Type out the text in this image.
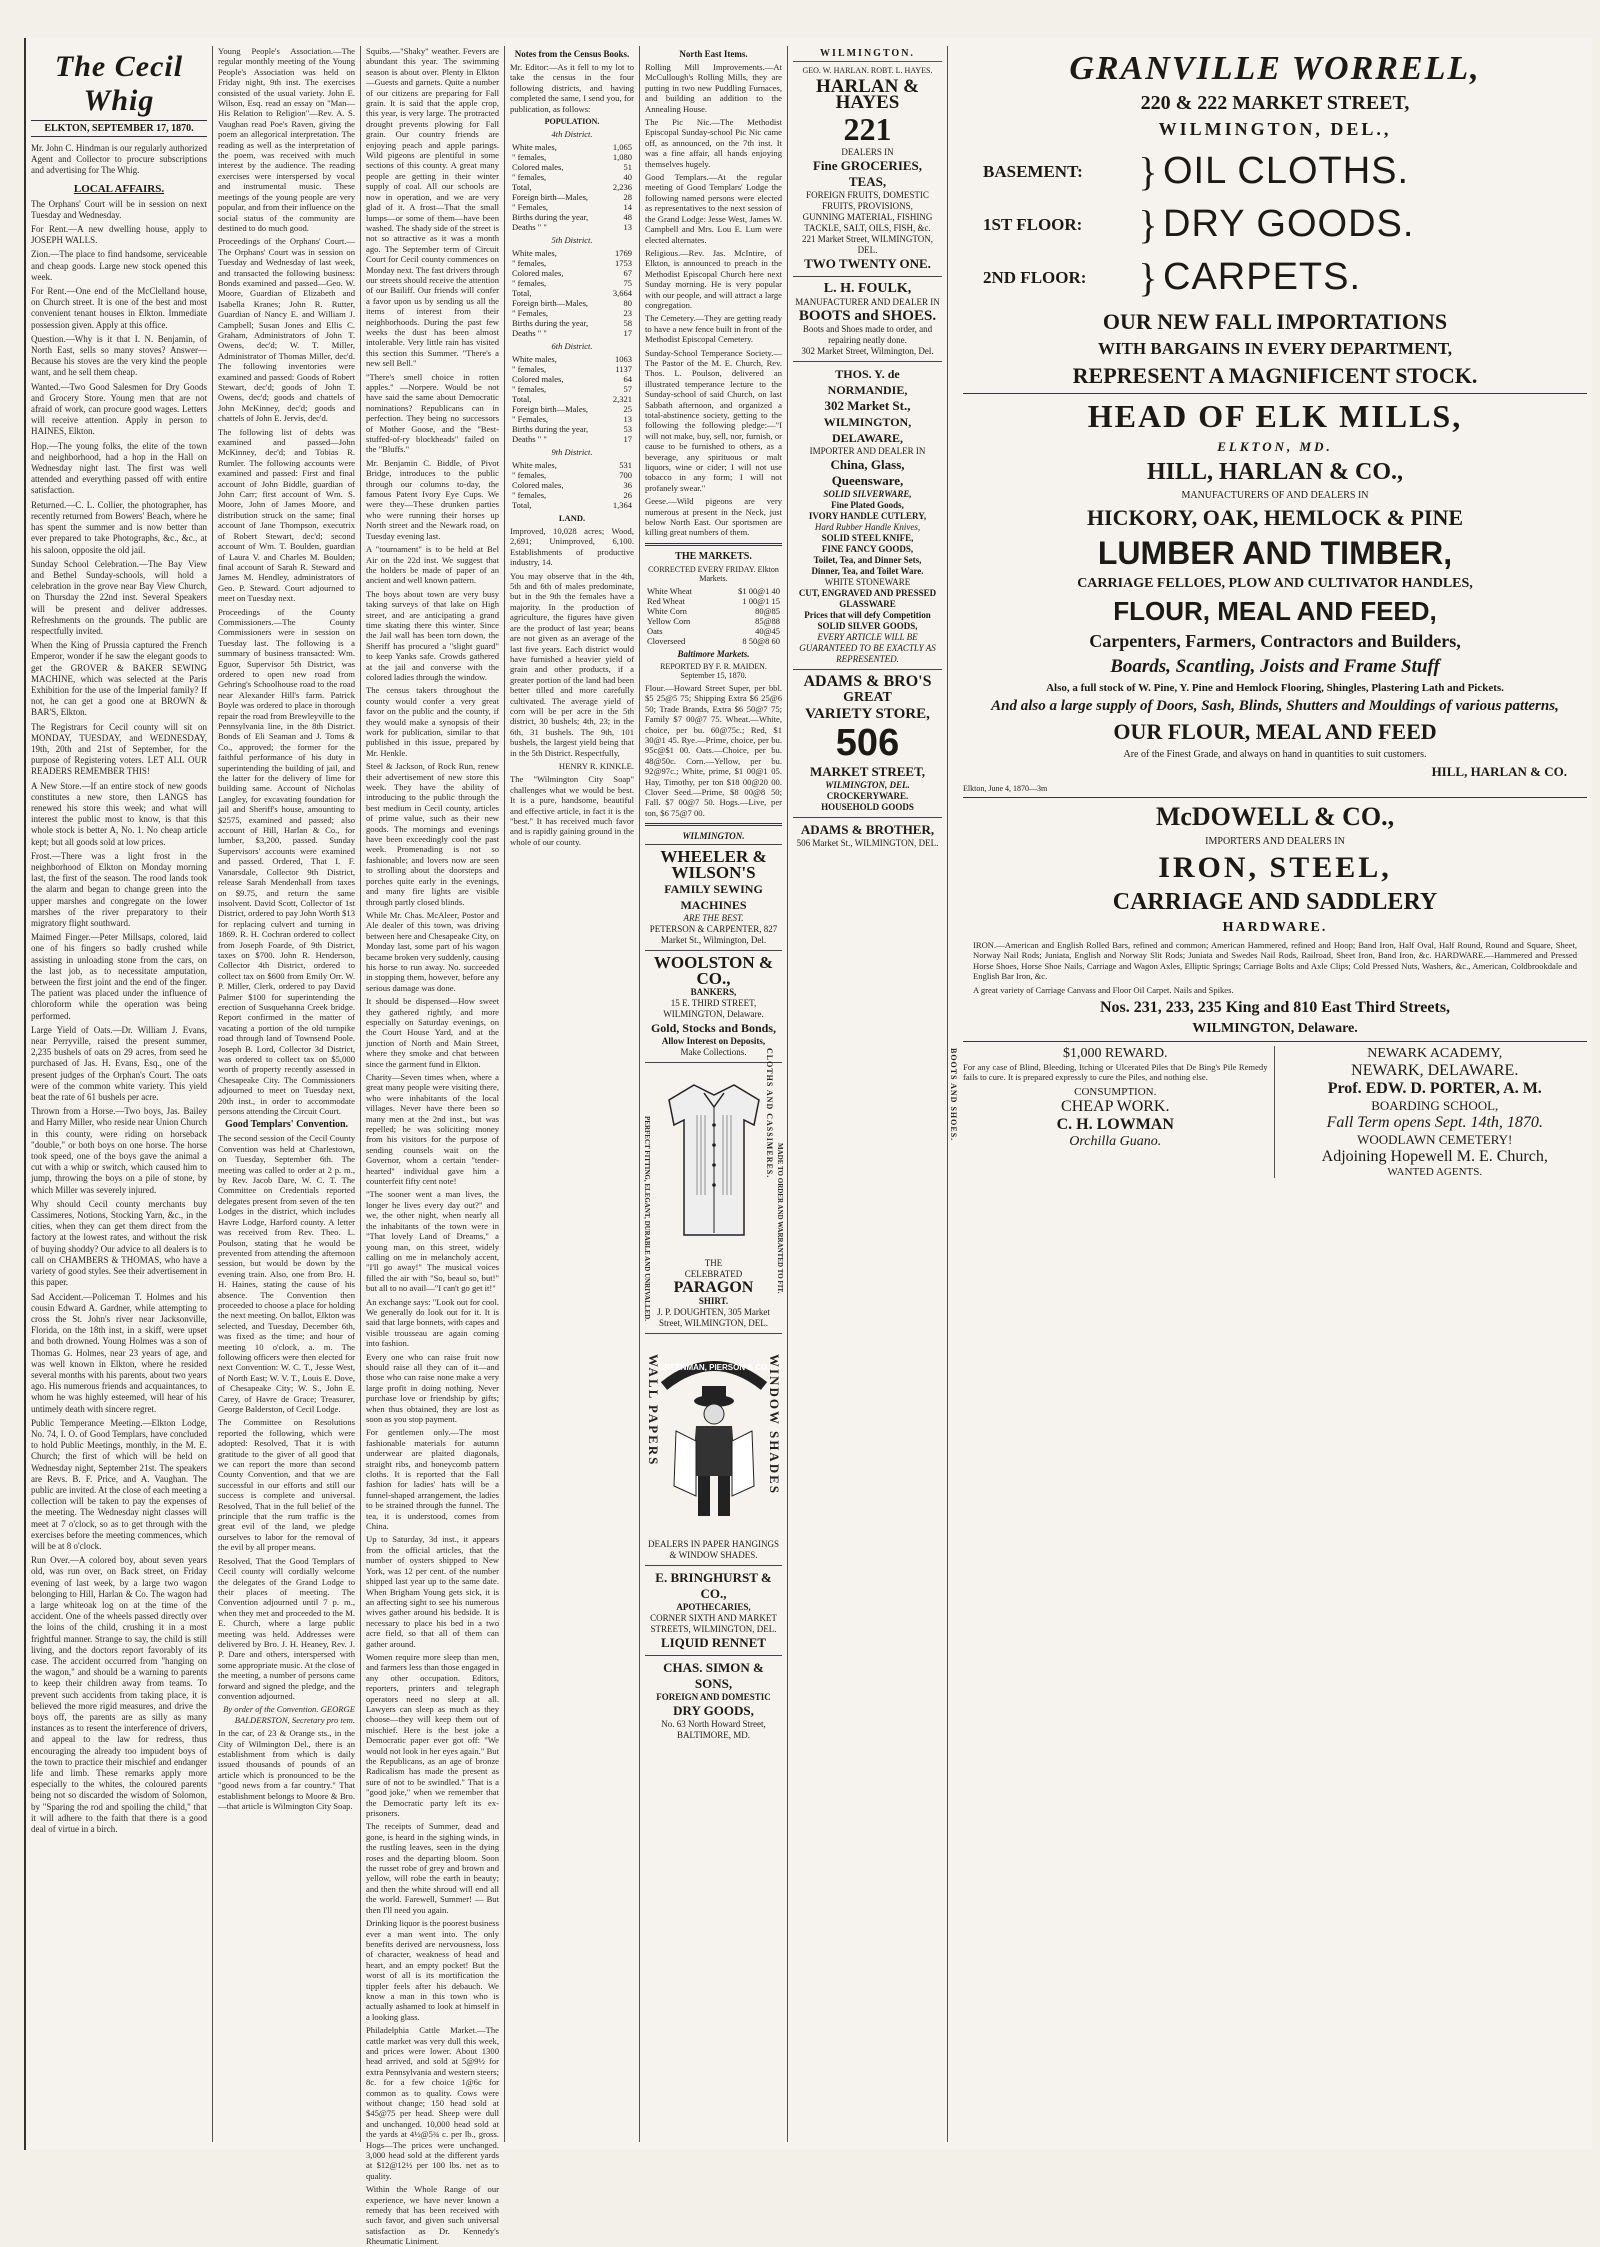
The Cecil Whig
ELKTON, SEPTEMBER 17, 1870.

Mr. John C. Hindman is our regularly authorized Agent and Collector to procure subscriptions and advertising for The Whig.

LOCAL AFFAIRS.

The Orphans' Court will be in session on next Tuesday and Wednesday.

For Rent.—A new dwelling house, apply to JOSEPH WALLS.

Zion.—The place to find handsome, serviceable and cheap goods. Large new stock opened this week.

For Rent.—One end of the McClelland house, on Church street. It is one of the best and most convenient tenant houses in Elkton. Immediate possession given. Apply at this office.

Question.—Why is it that I. N. Benjamin, of North East, sells so many stoves? Answer—Because his stoves are the very kind the people want, and he sell them cheap.

Wanted.—Two Good Salesmen for Dry Goods and Grocery Store. Young men that are not afraid of work, can procure good wages. Letters will receive attention. Apply in person to HAINES, Elkton.

Hop.—The young folks, the elite of the town and neighborhood, had a hop in the Hall on Wednesday night last. The first was well attended and everything passed off with entire satisfaction.

Returned.—C. L. Collier, the photographer, has recently returned from Bowers' Beach, where he has spent the summer and is now better than ever prepared to take Photographs, &c., &c., at his saloon, opposite the old jail.

Sunday School Celebration.—The Bay View and Bethel Sunday-schools, will hold a celebration in the grove near Bay View Church, on Thursday the 22nd inst. Several Speakers will be present and deliver addresses. Refreshments on the grounds. The public are respectfully invited.

When the King of Prussia captured the French Emperor, wonder if he saw the elegant goods to get the GROVER & BAKER SEWING MACHINE, which was selected at the Paris Exhibition for the use of the Imperial family? If not, he can get a good one at BROWN & BAR'S, Elkton.

The Registrars for Cecil county will sit on MONDAY, TUESDAY, and WEDNESDAY, 19th, 20th and 21st of September, for the purpose of Registering voters. LET ALL OUR READERS REMEMBER THIS!

A New Store.—If an entire stock of new goods constitutes a new store, then LANGS has renewed his store this week; and what will interest the public most to know, is that this whole stock is better A, No. 1. No cheap article kept; but all goods sold at low prices.

Frost.—There was a light frost in the neighborhood of Elkton on Monday morning last, the first of the season. The rood lands took the alarm and began to change green into the upper marshes and congregate on the lower marshes of the river preparatory to their migratory flight southward.

Maimed Finger.—Peter Millsaps, colored, laid one of his fingers so badly crushed while assisting in unloading stone from the cars, on the last job, as to necessitate amputation, between the first joint and the end of the finger. The patient was placed under the influence of chloroform while the operation was being performed.

Large Yield of Oats.—Dr. William J. Evans, near Perryville, raised the present summer, 2,235 bushels of oats on 29 acres, from seed he purchased of Jas. H. Evans, Esq., one of the present judges of the Orphan's Court. The oats were of the common white variety. This yield beat the rate of 61 bushels per acre.

Thrown from a Horse.—Two boys, Jas. Bailey and Harry Miller, who reside near Union Church in this county, were riding on horseback "double," or both boys on one horse. The horse took speed, one of the boys gave the animal a cut with a whip or switch, which caused him to jump, throwing the boys on a pile of stone, by which Miller was severely injured.

Why should Cecil county merchants buy Cassimeres, Notions, Stocking Yarn, &c., in the cities, when they can get them direct from the factory at the lowest rates, and without the risk of buying shoddy? Our advice to all dealers is to call on CHAMBERS & THOMAS, who have a variety of good styles. See their advertisement in this paper.

Sad Accident.—Policeman T. Holmes and his cousin Edward A. Gardner, while attempting to cross the St. John's river near Jacksonville, Florida, on the 18th inst, in a skiff, were upset and both drowned. Young Holmes was a son of Thomas G. Holmes, near 23 years of age, and was well known in Elkton, where he resided several months with his parents, about two years ago. His numerous friends and acquaintances, to whom he was highly esteemed, will hear of his untimely death with sincere regret.

Public Temperance Meeting.—Elkton Lodge, No. 74, I. O. of Good Templars, have concluded to hold Public Meetings, monthly, in the M. E. Church; the first of which will be held on Wednesday night, September 21st. The speakers are Revs. B. F. Price, and A. Vaughan. The public are invited. At the close of each meeting a collection will be taken to pay the expenses of the meeting. The Wednesday night classes will meet at 7 o'clock, so as to get through with the exercises before the meeting commences, which will be at 8 o'clock.

Run Over.—A colored boy, about seven years old, was run over, on Back street, on Friday evening of last week, by a large two wagon belonging to Hill, Harlan & Co. The wagon had a large whiteoak log on at the time of the accident. One of the wheels passed directly over the loins of the child, crushing it in a most frightful manner. Strange to say, the child is still living, and the doctors report favorably of its case. The accident occurred from "hanging on the wagon," and should be a warning to parents to keep their children away from teams. To prevent such accidents from taking place, it is believed the more rigid measures, and drive the boys off, the parents are as silly as many instances as to resent the interference of drivers, and appeal to the law for redress, thus encouraging the already too impudent boys of the town to practice their mischief and endanger life and limb. These remarks apply more especially to the whites, the coloured parents being not so discarded the wisdom of Solomon, by "Sparing the rod and spoiling the child," that it will adhere to the faith that there is a good deal of virtue in a birch.

Young People's Association.—The regular monthly meeting of the Young People's Association was held on Friday night, 9th inst. The exercises consisted of the usual variety. John E. Wilson, Esq. read an essay on "Man—His Relation to Religion"—Rev. A. S. Vaughan read Poe's Raven, giving the poem an allegorical interpretation. The reading as well as the interpretation of the poem, was received with much interest by the audience. The reading exercises were interspersed by vocal and instrumental music. These meetings of the young people are very popular, and from their influence on the social status of the community are destined to do much good.

Proceedings of the Orphans' Court.—The Orphans' Court was in session on Tuesday and Wednesday of last week, and transacted the following business: Bonds examined and passed—Geo. W. Moore, Guardian of Elizabeth and Isabella Kranes; John R. Rutter, Guardian of Nancy E. and William J. Campbell; Susan Jones and Ellis C. Graham, Administrators of John T. Owens, dec'd; W. T. Miller, Administrator of Thomas Miller, dec'd. The following inventories were examined and passed: Goods of Robert Stewart, dec'd; goods of John T. Owens, dec'd; goods and chattels of John McKinney, dec'd; goods and chattels of John E. Jervis, dec'd.

The following list of debts was examined and passed—John McKinney, dec'd; and Tobias R. Rumler. The following accounts were examined and passed: First and final account of John Biddle, guardian of John Carr; first account of Wm. S. Moore, John of James Moore, and distribution struck on the same; final account of Jane Thompson, executrix of Robert Stewart, dec'd; second account of Wm. T. Boulden, guardian of Laura V. and Charles M. Boulden; final account of Sarah R. Steward and James M. Hendley, administrators of Geo. P. Steward. Court adjourned to meet on Tuesday next.

Proceedings of the County Commissioners.—The County Commissioners were in session on Tuesday last. The following is a summary of business transacted: Wm. Eguor, Supervisor 5th District, was ordered to open new road from Gehring's Schoolhouse road to the road near Alexander Hill's farm. Patrick Boyle was ordered to place in thorough repair the road from Brewleyville to the Pennsylvania line, in the 8th District. Bonds of Eli Seaman and J. Toms & Co., approved; the former for the faithful performance of his duty in superintending the building of jail, and the latter for the delivery of lime for building same. Account of Nicholas Langley, for excavating foundation for jail and Sheriff's house, amounting to $2575, examined and passed; also account of Hill, Harlan & Co., for lumber, $3,200, passed. Sunday Supervisors' accounts were examined and passed. Ordered, That I. F. Vanarsdale, Collector 9th District, release Sarah Mendenhall from taxes on $9.75, and return the same insolvent. David Scott, Collector of 1st District, ordered to pay John Worth $13 for replacing culvert and turning in 1869. R. H. Cochran ordered to collect from Joseph Foarde, of 9th District, taxes on $700. John R. Henderson, Collector 4th District, ordered to collect tax on $600 from Emily Orr. W. P. Miller, Clerk, ordered to pay David Palmer $100 for superintending the erection of Susquehanna Creek bridge. Report confirmed in the matter of vacating a portion of the old turnpike road through land of Townsend Poole. Joseph B. Lord, Collector 3d District, was ordered to collect tax on $5,000 worth of property recently assessed in Chesapeake City. The Commissioners adjourned to meet on Tuesday next, 20th inst., in order to accommodate persons attending the Circuit Court.

Good Templars' Convention.

The second session of the Cecil County Convention was held at Charlestown, on Tuesday, September 6th. The meeting was called to order at 2 p. m., by Rev. Jacob Dare, W. C. T. The Committee on Credentials reported delegates present from seven of the ten Lodges in the district, which includes Havre Lodge, Harford county. A letter was received from Rev. Theo. L. Poulson, stating that he would be prevented from attending the afternoon session, but would be down by the evening train. Also, one from Bro. H. H. Haines, stating the cause of his absence. The Convention then proceeded to choose a place for holding the next meeting. On ballot, Elkton was selected, and Tuesday, December 6th, was fixed as the time; and hour of meeting 10 o'clock, a. m. The following officers were then elected for next Convention: W. C. T., Jesse West, of North East; W. V. T., Louis E. Dove, of Chesapeake City; W. S., John E. Carey, of Havre de Grace; Treasurer, George Balderston, of Cecil Lodge.

The Committee on Resolutions reported the following, which were adopted: Resolved, That it is with gratitude to the giver of all good that we can report the more than second County Convention, and that we are successful in our efforts and still our success is complete and universal. Resolved, That in the full belief of the principle that the rum traffic is the great evil of the land, we pledge ourselves to labor for the removal of the evil by all proper means.

Resolved, That the Good Templars of Cecil county will cordially welcome the delegates of the Grand Lodge to their places of meeting. The Convention adjourned until 7 p. m., when they met and proceeded to the M. E. Church, where a large public meeting was held. Addresses were delivered by Bro. J. H. Heaney, Rev. J. P. Dare and others, interspersed with some appropriate music. At the close of the meeting, a number of persons came forward and signed the pledge, and the convention adjourned.

By order of the Convention. GEORGE BALDERSTON, Secretary pro tem.

In the car, of 23 & Orange sts., in the City of Wilmington Del., there is an establishment from which is daily issued thousands of pounds of an article which is pronounced to be the "good news from a far country." That establishment belongs to Moore & Bro.—that article is Wilmington City Soap.

Squibs.—"Shaky" weather. Fevers are abundant this year. The swimming season is about over. Plenty in Elkton—Guests and garnets. Quite a number of our citizens are preparing for Fall grain. It is said that the apple crop, this year, is very large. The protracted drought prevents plowing for Fall grain. Our country friends are enjoying peach and apple parings. Wild pigeons are plentiful in some sections of this county. A great many people are getting in their winter supply of coal. All our schools are now in operation, and we are very glad of it. A frost—That the small lumps—or some of them—have been washed. The shady side of the street is not so attractive as it was a month ago. The September term of Circuit Court for Cecil county commences on Monday next. The fast drivers through our streets should receive the attention of our Bailiff. Our friends will confer a favor upon us by sending us all the items of interest from their neighborhoods. During the past few weeks the dust has been almost intolerable. Very little rain has visited this section this Summer. "There's a new sell Bell."

"There's smell choice in rotten apples." —Norpere. Would be not have said the same about Democratic nominations? Republicans can in perfection. They being no successors of Mother Goose, and the "Best-stuffed-of-ry blockheads" failed on the "Bluffs."

Mr. Benjamin C. Biddle, of Pivot Bridge, introduces to the public through our columns to-day, the famous Patent Ivory Eye Cups. We were they—These drunken parties who were running their horses up North street and the Newark road, on Tuesday evening last.

A "tournament" is to be held at Bel Air on the 22d inst. We suggest that the holders be made of paper of an ancient and well known pattern.

The boys about town are very busy taking surveys of that lake on High street, and are anticipating a grand time skating there this winter. Since the Jail wall has been torn down, the Sheriff has procured a "slight guard" to keep Yanks safe. Crowds gathered at the jail and converse with the colored ladies through the window.

The census takers throughout the county would confer a very great favor on the public and the county, if they would make a synopsis of their work for publication, similar to that published in this issue, prepared by Mr. Henkle.

Steel & Jackson, of Rock Run, renew their advertisement of new store this week. They have the ability of introducing to the public through the best medium in Cecil county, articles of prime value, such as their new goods. The mornings and evenings have been exceedingly cool the past week. Promenading is not so fashionable; and lovers now are seen to strolling about the doorsteps and porches quite early in the evenings, and many fire lights are visible through partly closed blinds.

While Mr. Chas. McAleer, Postor and Ale dealer of this town, was driving between here and Chesapeake City, on Monday last, some part of his wagon became broken very suddenly, causing his horse to run away. No. succeeded in stopping them, however, before any serious damage was done.

It should be dispensed—How sweet they gathered rightly, and more especially on Saturday evenings, on the Court House Yard, and at the junction of North and Main Street, where they smoke and chat between since the garment fund in Elkton.

Charity—Seven times when, where a great many people were visiting there, who were inhabitants of the local villages. Never have there been so many men at the 2nd inst., but was repelled; he was soliciting money from his visitors for the purpose of sending counsels wait on the Governor, whom a certain "tender-hearted" individual gave him a counterfeit fifty cent note!

"The sooner went a man lives, the longer he lives every day out?" and we, the other night, when nearly all the inhabitants of the town were in "That lovely Land of Dreams," a young man, on this street, widely calling on me in melancholy accent, "I'll go away!" The musical voices filled the air with "So, beaul so, but!" but all to no avail—"I can't go get it!"

An exchange says: "Look out for cool. We generally do look out for it. It is said that large bonnets, with capes and visible trousseau are again coming into fashion.

Every one who can raise fruit now should raise all they can of it—and those who can raise none make a very large profit in doing nothing. Never purchase love or friendship by gifts; when thus obtained, they are lost as soon as you stop payment.

For gentlemen only.—The most fashionable materials for autumn underwear are plaited diagonals, straight ribs, and honeycomb pattern cloths. It is reported that the Fall fashion for ladies' hats will be a funnel-shaped arrangement, the ladies to be strained through the funnel. The tea, it is understood, comes from China.

Up to Saturday, 3d inst., it appears from the official articles, that the number of oysters shipped to New York, was 12 per cent. of the number shipped last year up to the same date. When Brigham Young gets sick, it is an affecting sight to see his numerous wives gather around his bedside. It is necessary to place his bed in a two acre field, so that all of them can gather around.

Women require more sleep than men, and farmers less than those engaged in any other occupation. Editors, reporters, printers and telegraph operators need no sleep at all. Lawyers can sleep as much as they choose—they will keep them out of mischief. Here is the best joke a Democratic paper ever got off: "We would not look in her eyes again." But the Republicans, as an age of bronze Radicalism has made the present as sure of not to be swindled." That is a "good joke," when we remember that the Democratic party left its ex-prisoners.

The receipts of Summer, dead and gone, is heard in the sighing winds, in the rustling leaves, seen in the dying roses and the departing bloom. Soon the russet robe of grey and brown and yellow, will robe the earth in beauty; and then the white shroud will end all the world. Farewell, Summer! — But then I'll need you again.

Drinking liquor is the poorest business ever a man went into. The only benefits derived are nervousness, loss of character, weakness of head and heart, and an empty pocket! But the worst of all is its mortification the tippler feels after his debauch. We know a man in this town who is actually ashamed to look at himself in a looking glass.

Philadelphia Cattle Market.—The cattle market was very dull this week, and prices were lower. About 1300 head arrived, and sold at 5@9½ for extra Pennsylvania and western steers; 8c. for a few choice 1@6c for common as to quality. Cows were without change; 150 head sold at $45@75 per head. Sheep were dull and unchanged. 10,000 head sold at the yards at 4½@5¾ c. per lb., gross. Hogs—The prices were unchanged. 3,000 head sold at the different yards at $12@12½ per 100 lbs. net as to quality.

Within the Whole Range of our experience, we have never known a remedy that has been received with such favor, and given such universal satisfaction as Dr. Kennedy's Rheumatic Liniment.

Notes from the Census Books.

Mr. Editor:—As it fell to my lot to take the census in the four following districts, and having completed the same, I send you, for publication, as follows:

POPULATION.
4th District.
White males,	1,065
" females,	1,080
Colored males,	51
" females,	40
Total,	2,236
Foreign birth—Males,	28
" Females,	14
Births during the year,	48
Deaths " "	13
5th District.
White males,	1769
" females,	1753
Colored males,	67
" females,	75
Total,	3,664
Foreign birth—Males,	80
" Females,	23
Births during the year,	58
Deaths " "	17
6th District.
White males,	1063
" females,	1137
Colored males,	64
" females,	57
Total,	2,321
Foreign birth—Males,	25
" Females,	13
Births during the year,	53
Deaths " "	17
9th District.
White males,	531
" females,	700
Colored males,	36
" females,	26
Total,	1,364
LAND.

Improved, 10,028 acres; Wood, 2,691; Unimproved, 6,100. Establishments of productive industry, 14.

You may observe that in the 4th, 5th and 6th of males predominate, but in the 9th the females have a majority. In the production of agriculture, the figures have given are the product of last year; beans are not given as an average of the last five years. Each district would have furnished a heavier yield of grain and other products, if a greater portion of the land had been better tilled and more carefully cultivated. The average yield of corn will be per acre in the 5th district, 30 bushels; 4th, 23; in the 6th, 31 bushels. The 9th, 101 bushels, the largest yield being that in the 5th District. Respectfully,

HENRY R. KINKLE.

The "Wilmington City Soap" challenges what we would be best. It is a pure, handsome, beautiful and effective article, in fact it is the "best." It has received much favor and is rapidly gaining ground in the whole of our county.

North East Items.

Rolling Mill Improvements.—At McCullough's Rolling Mills, they are putting in two new Puddling Furnaces, and building an addition to the Annealing House.

The Pic Nic.—The Methodist Episcopal Sunday-school Pic Nic came off, as announced, on the 7th inst. It was a fine affair, all hands enjoying themselves hugely.

Good Templars.—At the regular meeting of Good Templars' Lodge the following named persons were elected as representatives to the next session of the Grand Lodge: Jesse West, James W. Campbell and Mrs. Lou E. Lum were elected alternates.

Religious.—Rev. Jas. McIntire, of Elkton, is announced to preach in the Methodist Episcopal Church here next Sunday morning. He is very popular with our people, and will attract a large congregation.

The Cemetery.—They are getting ready to have a new fence built in front of the Methodist Episcopal Cemetery.

Sunday-School Temperance Society.—The Pastor of the M. E. Church, Rev. Thos. L. Poulson, delivered an illustrated temperance lecture to the Sunday-school of said Church, on last Sabbath afternoon, and organized a total-abstinence society, getting to the following the following pledge:—"I will not make, buy, sell, nor, furnish, or cause to be furnished to others, as a beverage, any spirituous or malt liquors, wine or cider; I will not use tobacco in any form; I will not profanely swear."

Geese.—Wild pigeons are very numerous at present in the Neck, just below North East. Our sportsmen are killing great numbers of them.

THE MARKETS.
CORRECTED EVERY FRIDAY. Elkton Markets.
White Wheat	$1 00@1 40
Red Wheat	1 00@1 15
White Corn	80@85
Yellow Corn	85@88
Oats	40@45
Cloverseed	8 50@8 60
Baltimore Markets.
REPORTED BY F. R. MAIDEN. September 15, 1870.

Flour.—Howard Street Super, per bbl. $5 25@5 75; Shipping Extra $6 25@6 50; Trade Brands, Extra $6 50@7 75; Family $7 00@7 75. Wheat.—White, choice, per bu. 60@75c.; Red, $1 30@1 45. Rye.—Prime, choice, per bu. 95c@$1 00. Oats.—Choice, per bu. 48@50c. Corn.—Yellow, per bu. 92@97c.; White, prime, $1 00@1 05. Hay, Timothy, per ton $18 00@20 00. Clover Seed.—Prime, $8 00@8 50; Fall. $7 00@7 50. Hogs.—Live, per ton, $6 75@7 00.

WILMINGTON.
WHEELER & WILSON'S
FAMILY SEWING MACHINES
ARE THE BEST.
PETERSON & CARPENTER, 827 Market St., Wilmington, Del.
WOOLSTON & CO.,
BANKERS,
15 E. THIRD STREET, WILMINGTON, Delaware.
Gold, Stocks and Bonds,
Allow Interest on Deposits,
Make Collections.
THE
CELEBRATED
PARAGON
SHIRT.
J. P. DOUGHTEN, 305 Market Street, WILMINGTON, DEL.
PERFECT FITTING, ELEGANT, DURABLE AND UNRIVALLED.	MADE TO ORDER AND WARRANTED TO FIT.
CREENMAN, PIERSON & CO.
DEALERS IN PAPER HANGINGS & WINDOW SHADES.
WALL PAPERS	WINDOW SHADES
E. BRINGHURST & CO.,
APOTHECARIES,
CORNER SIXTH AND MARKET STREETS, WILMINGTON, DEL.
LIQUID RENNET
CHAS. SIMON & SONS,
FOREIGN AND DOMESTIC
DRY GOODS,
No. 63 North Howard Street, BALTIMORE, MD.
WILMINGTON.
GEO. W. HARLAN. ROBT. L. HAYES.
HARLAN & HAYES
221
DEALERS IN
Fine GROCERIES, TEAS,
FOREIGN FRUITS, DOMESTIC FRUITS, PROVISIONS,
GUNNING MATERIAL, FISHING TACKLE, SALT, OILS, FISH, &c.
221 Market Street, WILMINGTON, DEL.
TWO TWENTY ONE.
L. H. FOULK,
MANUFACTURER AND DEALER IN
BOOTS and SHOES.
Boots and Shoes made to order, and repairing neatly done.
302 Market Street, Wilmington, Del.
THOS. Y. de NORMANDIE,
302 Market St.,
WILMINGTON, DELAWARE,
IMPORTER AND DEALER IN
China, Glass, Queensware,
SOLID SILVERWARE,
Fine Plated Goods,
IVORY HANDLE CUTLERY,
Hard Rubber Handle Knives,
SOLID STEEL KNIFE,
FINE FANCY GOODS,
Toilet, Tea, and Dinner Sets,
Dinner, Tea, and Toilet Ware.
WHITE STONEWARE
CUT, ENGRAVED AND PRESSED GLASSWARE
Prices that will defy Competition
SOLID SILVER GOODS,
EVERY ARTICLE WILL BE GUARANTEED TO BE EXACTLY AS REPRESENTED.
ADAMS & BRO'S
GREAT
VARIETY STORE,
506
MARKET STREET,
WILMINGTON, DEL.
CROCKERYWARE.
HOUSEHOLD GOODS
ADAMS & BROTHER,
506 Market St., WILMINGTON, DEL.
BOOTS AND SHOES.
CLOTHS AND CASSIMERES.
GRANVILLE WORRELL,
220 & 222 MARKET STREET,
WILMINGTON, DEL.,
BASEMENT:	} OIL CLOTHS.
1ST FLOOR:	} DRY GOODS.
2ND FLOOR:	} CARPETS.
OUR NEW FALL IMPORTATIONS
WITH BARGAINS IN EVERY DEPARTMENT,
REPRESENT A MAGNIFICENT STOCK.
HEAD OF ELK MILLS,
ELKTON, MD.
HILL, HARLAN & CO.,
MANUFACTURERS OF AND DEALERS IN
HICKORY, OAK, HEMLOCK & PINE
LUMBER AND TIMBER,
CARRIAGE FELLOES, PLOW AND CULTIVATOR HANDLES,
FLOUR, MEAL AND FEED,
Carpenters, Farmers, Contractors and Builders,
Boards, Scantling, Joists and Frame Stuff
Also, a full stock of W. Pine, Y. Pine and Hemlock Flooring, Shingles, Plastering Lath and Pickets.
And also a large supply of Doors, Sash, Blinds, Shutters and Mouldings of various patterns,
OUR FLOUR, MEAL AND FEED
Are of the Finest Grade, and always on hand in quantities to suit customers.
HILL, HARLAN & CO.
Elkton, June 4, 1870—3m
McDOWELL & CO.,
IMPORTERS AND DEALERS IN
IRON, STEEL,
CARRIAGE AND SADDLERY
HARDWARE.

IRON.—American and English Rolled Bars, refined and common; American Hammered, refined and Hoop; Band Iron, Half Oval, Half Round, Round and Square, Sheet, Norway Nail Rods; Juniata, English and Norway Slit Rods; Juniata and Swedes Nail Rods, Railroad, Sheet Iron, Band Iron, &c. HARDWARE.—Hammered and Pressed Horse Shoes, Horse Shoe Nails, Carriage and Wagon Axles, Elliptic Springs; Carriage Bolts and Axle Clips; Cold Pressed Nuts, Washers, &c., American, Coldbrookdale and English Bar Iron, &c.

A great variety of Carriage Canvass and Floor Oil Carpet. Nails and Spikes.

Nos. 231, 233, 235 King and 810 East Third Streets,
WILMINGTON, Delaware.
$1,000 REWARD.

For any case of Blind, Bleeding, Itching or Ulcerated Piles that De Bing's Pile Remedy fails to cure. It is prepared expressly to cure the Piles, and nothing else.

CONSUMPTION.
CHEAP WORK.
C. H. LOWMAN
Orchilla Guano.
NEWARK ACADEMY,
NEWARK, DELAWARE.
Prof. EDW. D. PORTER, A. M.
BOARDING SCHOOL,
Fall Term opens Sept. 14th, 1870.
WOODLAWN CEMETERY!
Adjoining Hopewell M. E. Church,
WANTED AGENTS.
